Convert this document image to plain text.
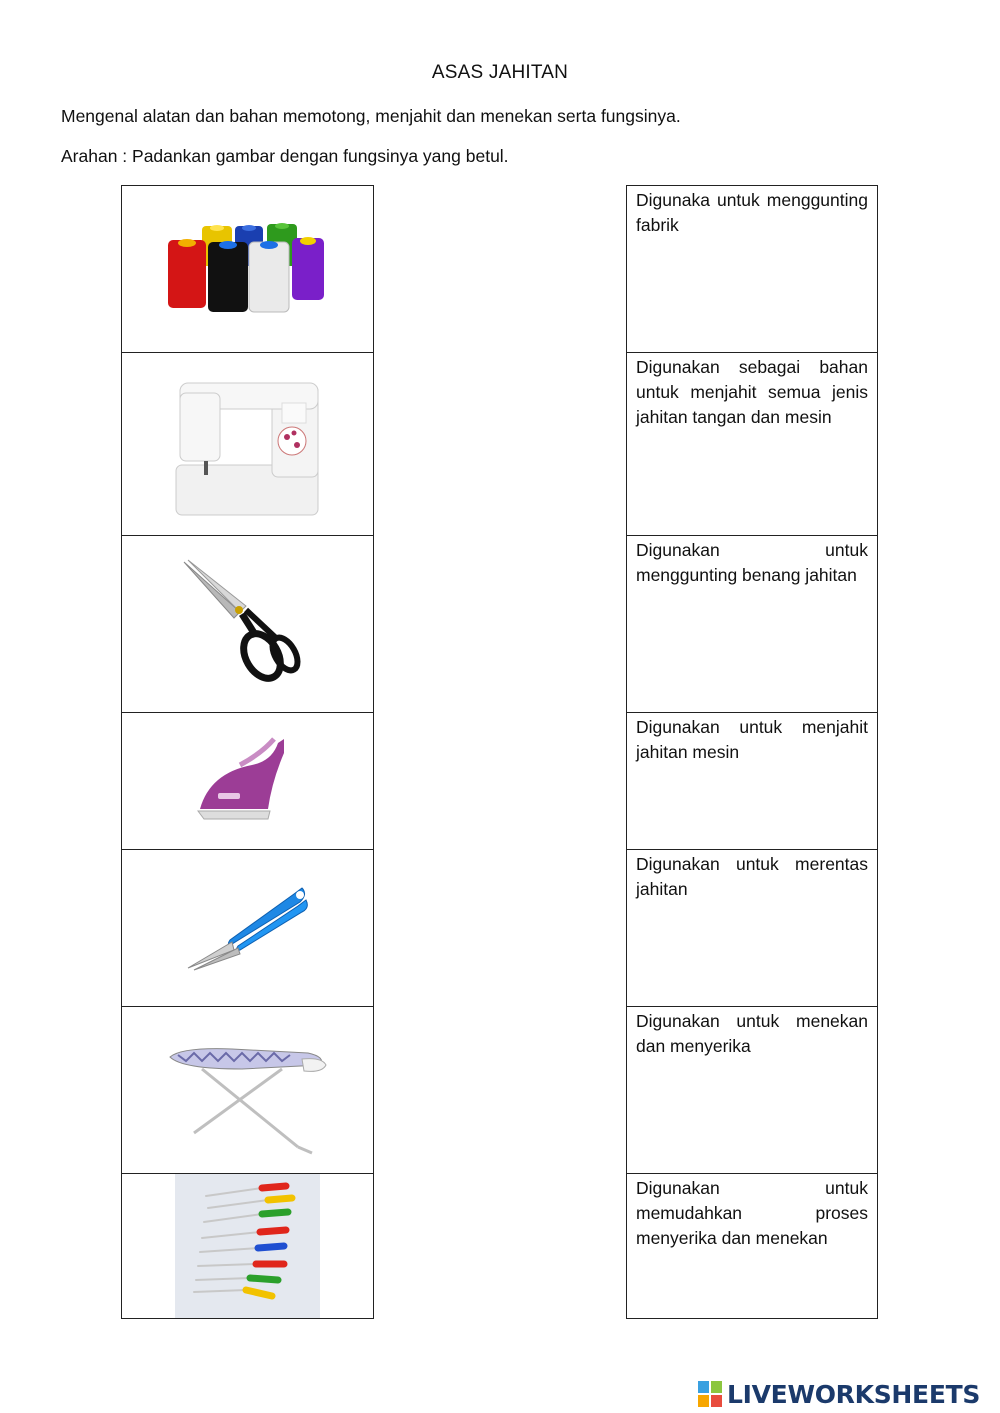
ASAS JAHITAN
Mengenal alatan dan bahan memotong, menjahit dan menekan serta fungsinya.
Arahan : Padankan gambar dengan fungsinya yang betul.
Digunaka untuk menggunting fabrik
Digunakan sebagai bahan untuk menjahit semua jenis jahitan tangan dan mesin
Digunakan untuk menggunting benang jahitan
Digunakan untuk menjahit jahitan mesin
Digunakan untuk merentas jahitan
Digunakan untuk menekan dan menyerika
Digunakan untuk memudahkan proses menyerika dan menekan
LIVEWORKSHEETS
